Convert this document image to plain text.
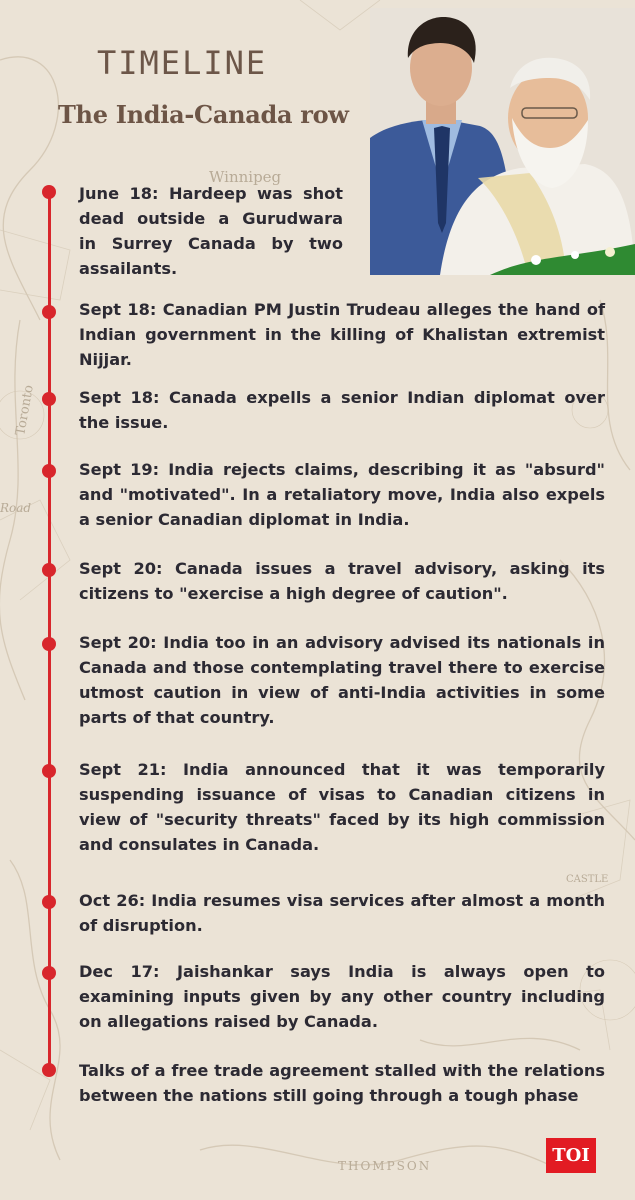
Winnipeg
Toronto
Road
CASTLE
THOMPSON
TIMELINE
The India-Canada row

June 18: Hardeep was shot dead outside a Gurudwara in Surrey Canada by two assailants.

Sept 18: Canadian PM Justin Trudeau alleges the hand of Indian government in the killing of Khalistan extremist Nijjar.

Sept 18: Canada expells a senior Indian diplomat over the issue.

Sept 19: India rejects claims, describing it as "absurd" and "motivated". In a retaliatory move, India also expels a senior Canadian diplomat in India.

Sept 20: Canada issues a travel advisory, asking its citizens to "exercise a high degree of caution".

Sept 20: India too in an advisory advised its nationals in Canada and those contemplating travel there to exercise utmost caution in view of anti-India activities in some parts of that country.

Sept 21: India announced that it was temporarily suspending issuance of visas to Canadian citizens in view of "security threats" faced by its high commission and consulates in Canada.

Oct 26: India resumes visa services after almost a month of disruption.

Dec 17: Jaishankar says India is always open to examining inputs given by any other country including on allegations raised by Canada.

Talks of a free trade agreement stalled with the relations between the nations still going through a tough phase

TOI
